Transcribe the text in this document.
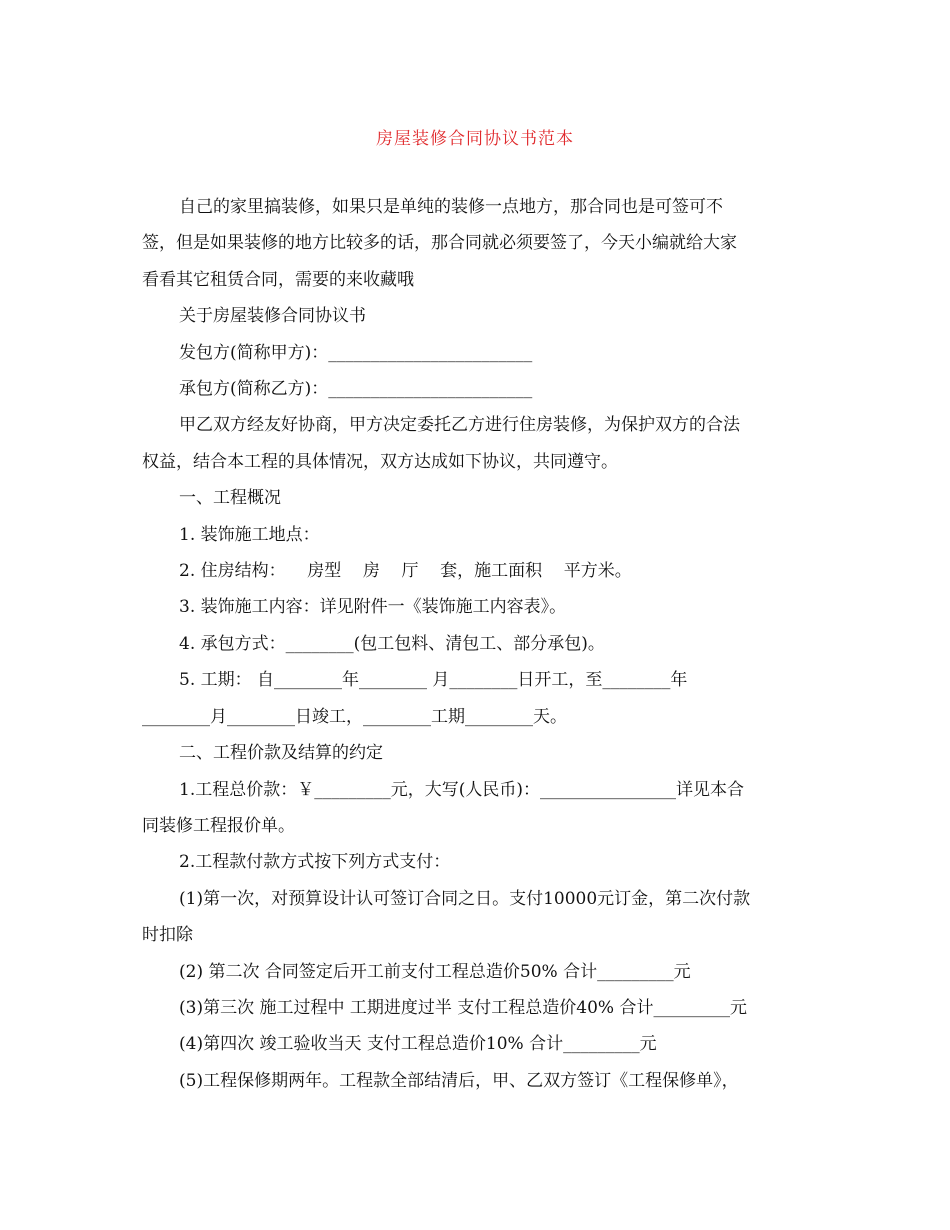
房屋装修合同协议书范本

自己的家里搞装修，如果只是单纯的装修一点地方，那合同也是可签可不

签，但是如果装修的地方比较多的话，那合同就必须要签了，今天小编就给大家

看看其它租赁合同，需要的来收藏哦

关于房屋装修合同协议书

发包方(简称甲方)：________________________

承包方(简称乙方)：________________________

甲乙双方经友好协商，甲方决定委托乙方进行住房装修，为保护双方的合法

权益，结合本工程的具体情况，双方达成如下协议，共同遵守。

一、工程概况

1. 装饰施工地点：

2. 住房结构：    房型    房    厅    套，施工面积    平方米。

3. 装饰施工内容：详见附件一《装饰施工内容表》。

4. 承包方式：________(包工包料、清包工、部分承包)。

5. 工期： 自________年________ 月________日开工，至________年

________月________日竣工，________工期________天。

二、工程价款及结算的约定

1.工程总价款：￥_________元，大写(人民币)：________________详见本合

同装修工程报价单。

2.工程款付款方式按下列方式支付：

(1)第一次，对预算设计认可签订合同之日。支付10000元订金，第二次付款

时扣除

(2) 第二次 合同签定后开工前支付工程总造价50% 合计_________元

(3)第三次 施工过程中 工期进度过半 支付工程总造价40% 合计_________元

(4)第四次 竣工验收当天 支付工程总造价10% 合计_________元

(5)工程保修期两年。工程款全部结清后，甲、乙双方签订《工程保修单》，
